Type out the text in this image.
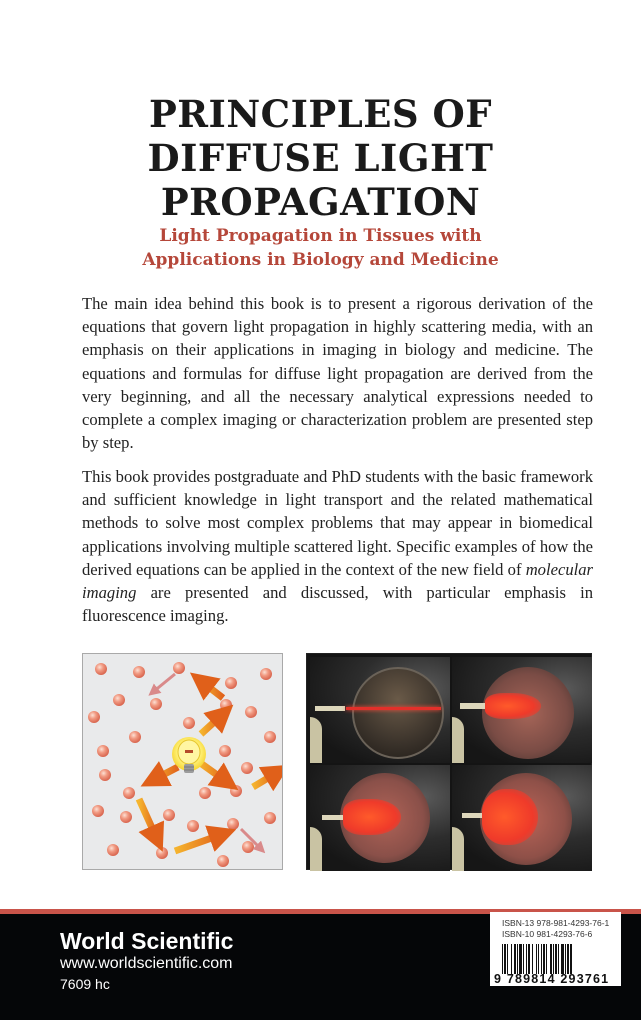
PRINCIPLES OF
DIFFUSE LIGHT
PROPAGATION
Light Propagation in Tissues with
Applications in Biology and Medicine
The main idea behind this book is to present a rigorous derivation of the equations that govern light propagation in highly scattering media, with an emphasis on their applications in imaging in biology and medicine. The equations and formulas for diffuse light propagation are derived from the very beginning, and all the necessary analytical expressions needed to complete a complex imaging or characterization problem are presented step by step.
This book provides postgraduate and PhD students with the basic framework and sufficient knowledge in light transport and the related mathematical methods to solve most complex problems that may appear in biomedical applications involving multiple scattered light. Specific examples of how the derived equations can be applied in the context of the new field of molecular imaging are presented and discussed, with particular emphasis in fluorescence imaging.
World Scientific
www.worldscientific.com
7609 hc
ISBN-13 978-981-4293-76-1
ISBN-10 981-4293-76-6
9 789814 293761
